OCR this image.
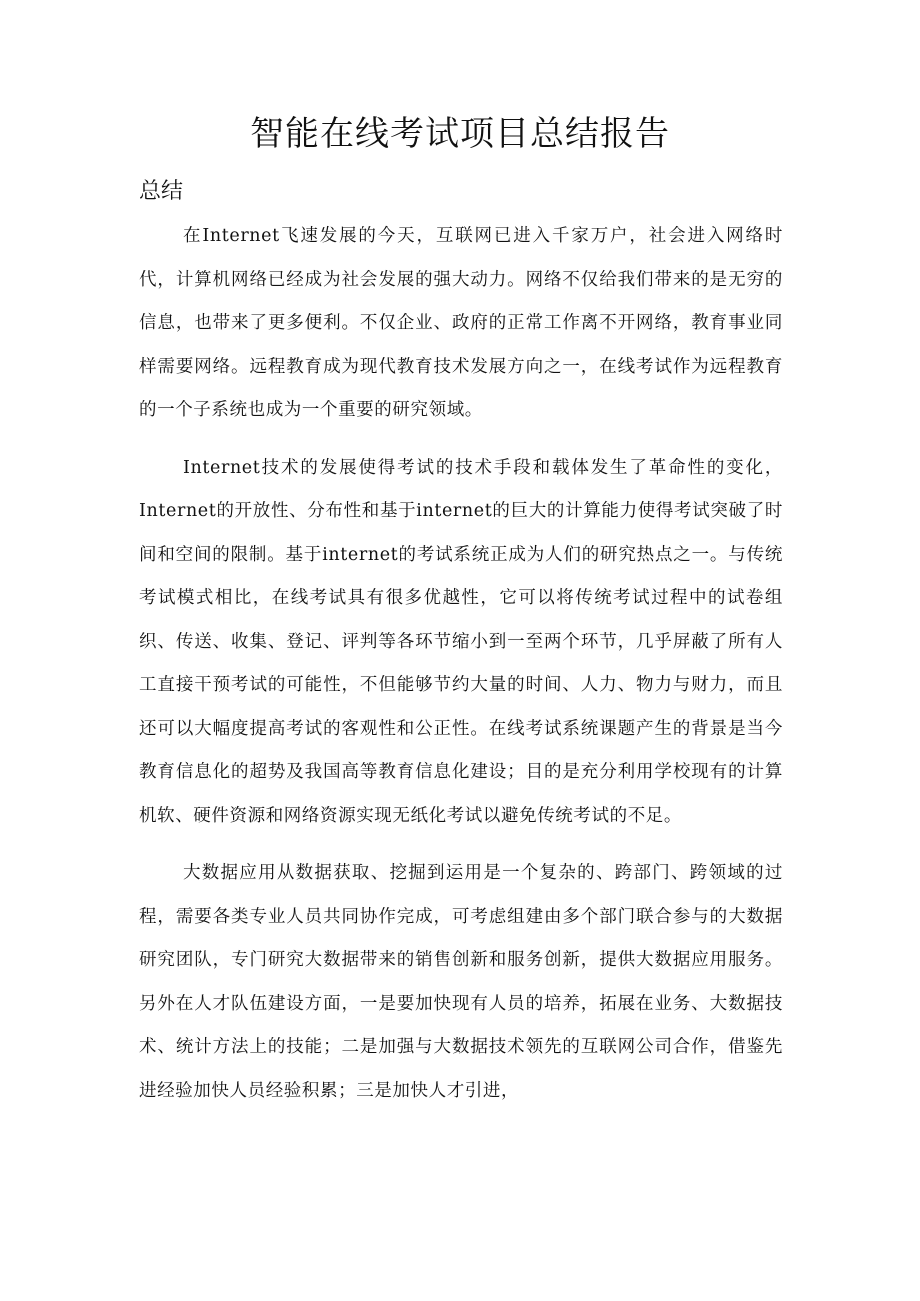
智能在线考试项目总结报告
总结

在Internet飞速发展的今天，互联网已进入千家万户，社会进入网络时代，计算机网络已经成为社会发展的强大动力。网络不仅给我们带来的是无穷的信息，也带来了更多便利。不仅企业、政府的正常工作离不开网络，教育事业同样需要网络。远程教育成为现代教育技术发展方向之一，在线考试作为远程教育的一个子系统也成为一个重要的研究领域。

Internet技术的发展使得考试的技术手段和载体发生了革命性的变化，Internet的开放性、分布性和基于internet的巨大的计算能力使得考试突破了时间和空间的限制。基于internet的考试系统正成为人们的研究热点之一。与传统考试模式相比，在线考试具有很多优越性，它可以将传统考试过程中的试卷组织、传送、收集、登记、评判等各环节缩小到一至两个环节，几乎屏蔽了所有人工直接干预考试的可能性，不但能够节约大量的时间、人力、物力与财力，而且还可以大幅度提高考试的客观性和公正性。在线考试系统课题产生的背景是当今教育信息化的超势及我国高等教育信息化建设；目的是充分利用学校现有的计算机软、硬件资源和网络资源实现无纸化考试以避免传统考试的不足。

大数据应用从数据获取、挖掘到运用是一个复杂的、跨部门、跨领域的过程，需要各类专业人员共同协作完成，可考虑组建由多个部门联合参与的大数据研究团队，专门研究大数据带来的销售创新和服务创新，提供大数据应用服务。另外在人才队伍建设方面，一是要加快现有人员的培养，拓展在业务、大数据技术、统计方法上的技能；二是加强与大数据技术领先的互联网公司合作，借鉴先进经验加快人员经验积累；三是加快人才引进，
